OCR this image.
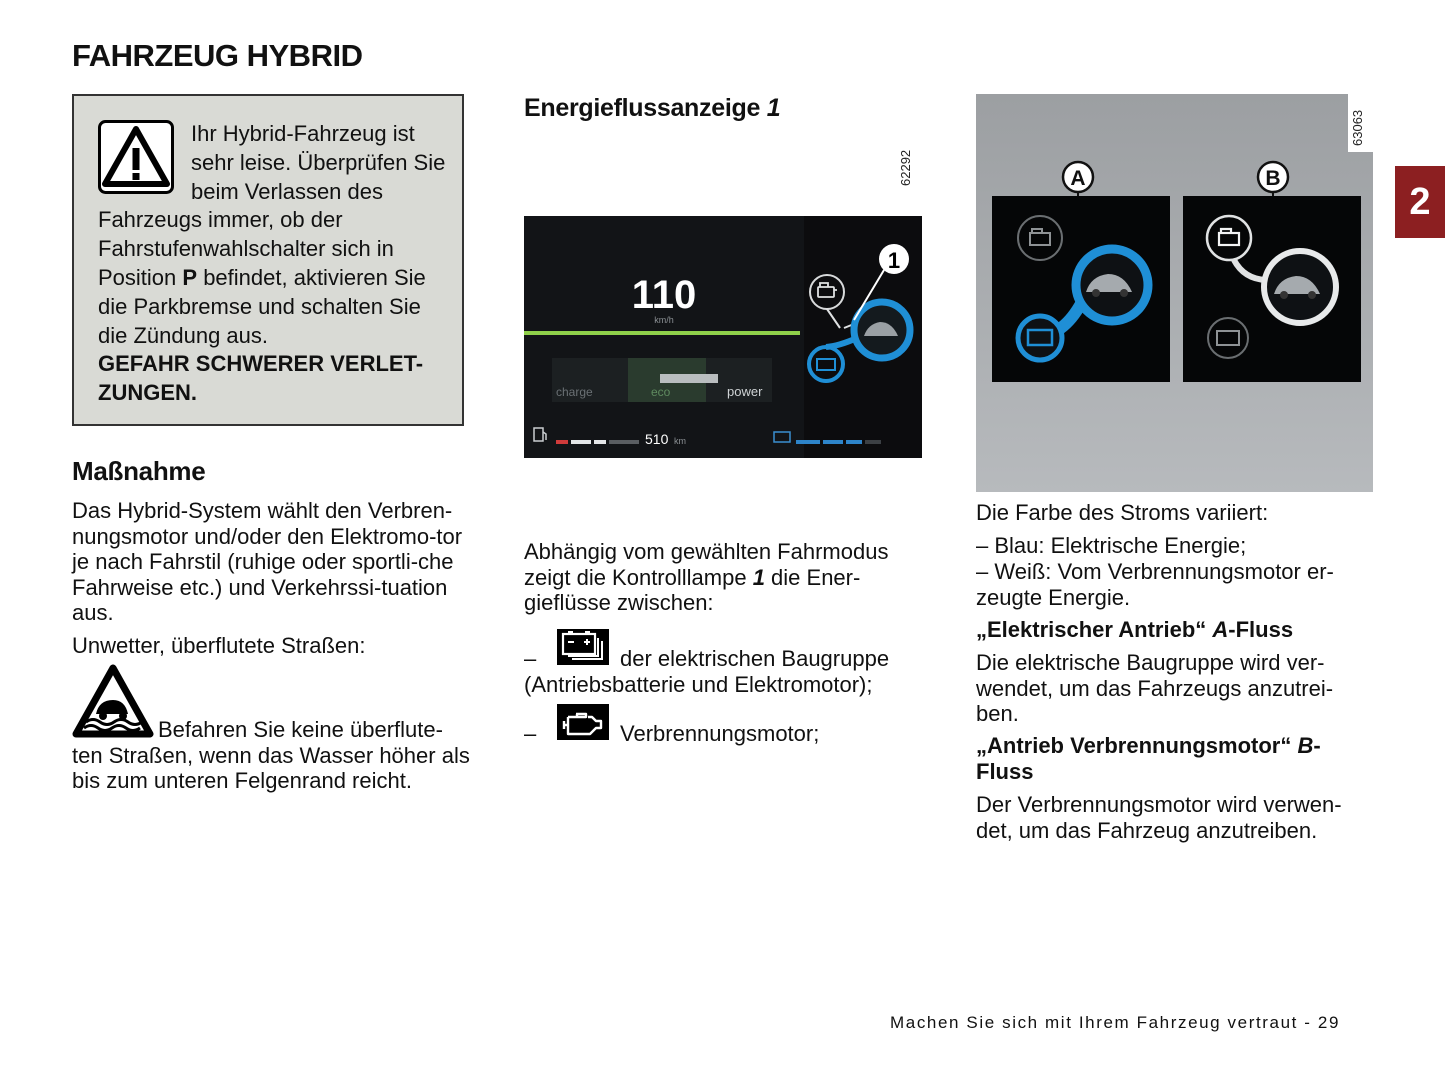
FAHRZEUG HYBRID
Ihr Hybrid-Fahrzeug ist sehr leise. Überprüfen Sie beim Verlassen des Fahrzeugs immer, ob der Fahrstufenwahlschalter sich in Position P befindet, aktivieren Sie die Parkbremse und schalten Sie die Zündung aus.
GEFAHR SCHWERER VERLET-ZUNGEN.
Maßnahme
Das Hybrid-System wählt den Verbren-nungsmotor und/oder den Elektromo-tor je nach Fahrstil (ruhige oder sportli-che Fahrweise etc.) und Verkehrssi-tuation aus.
Unwetter, überflutete Straßen:
Befahren Sie keine überflute-ten Straßen, wenn das Wasser höher als bis zum unteren Felgenrand reicht.
Energieflussanzeige 1
62292
110
km/h
charge	eco	power
510 km
1
Abhängig vom gewählten Fahrmodus zeigt die Kontrolllampe 1 die Ener-gieflüsse zwischen:
–	der elektrischen Baugruppe (Antriebsbatterie und Elektromotor);
–	Verbrennungsmotor;
A	B
63063
Die Farbe des Stroms variiert:
– Blau: Elektrische Energie;
– Weiß: Vom Verbrennungsmotor er-zeugte Energie.
„Elektrischer Antrieb“ A-Fluss
Die elektrische Baugruppe wird ver-wendet, um das Fahrzeugs anzutrei-ben.
„Antrieb Verbrennungsmotor“ B-Fluss
Der Verbrennungsmotor wird verwen-det, um das Fahrzeug anzutreiben.
2
Machen Sie sich mit Ihrem Fahrzeug vertraut - 29
